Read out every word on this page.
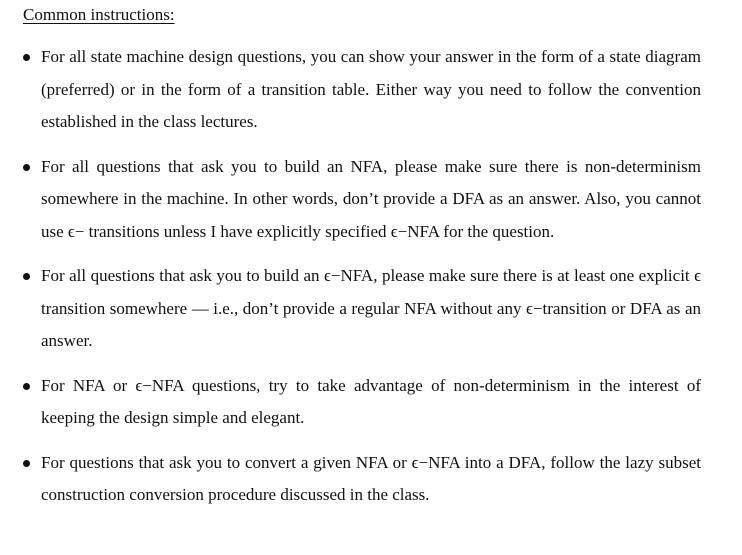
Common instructions:
For all state machine design questions, you can show your answer in the form of a state diagram (preferred) or in the form of a transition table. Either way you need to follow the convention established in the class lectures.
For all questions that ask you to build an NFA, please make sure there is non-determinism somewhere in the machine. In other words, don’t provide a DFA as an answer. Also, you cannot use ϵ− transitions unless I have explicitly specified ϵ−NFA for the question.
For all questions that ask you to build an ϵ−NFA, please make sure there is at least one explicit ϵ transition somewhere — i.e., don’t provide a regular NFA without any ϵ−transition or DFA as an answer.
For NFA or ϵ−NFA questions, try to take advantage of non-determinism in the interest of keeping the design simple and elegant.
For questions that ask you to convert a given NFA or ϵ−NFA into a DFA, follow the lazy subset construction conversion procedure discussed in the class.
